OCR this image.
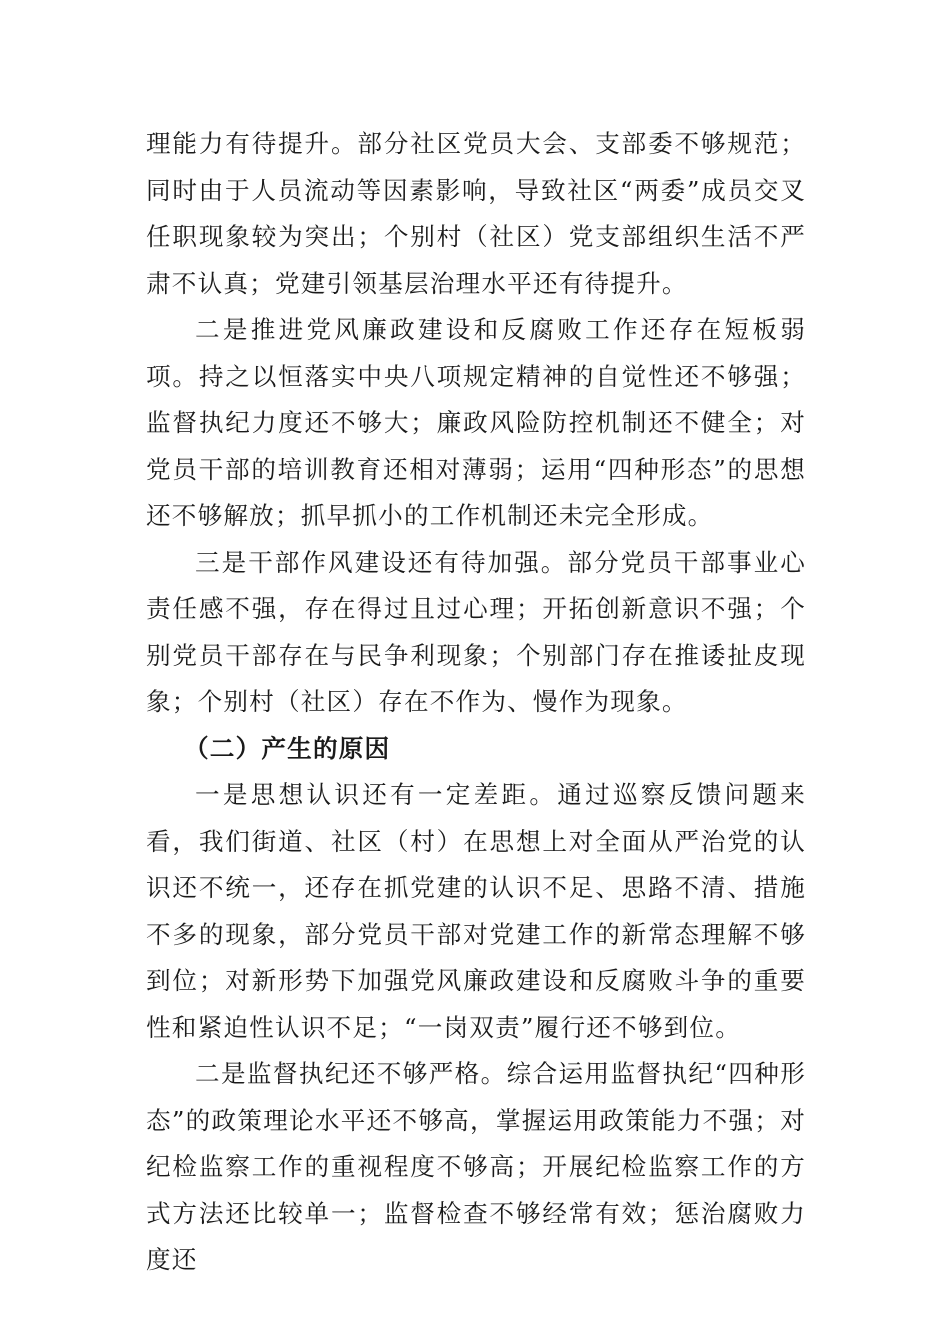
理能力有待提升。部分社区党员大会、支部委不够规范；同时由于人员流动等因素影响，导致社区“两委”成员交叉任职现象较为突出；个别村（社区）党支部组织生活不严肃不认真；党建引领基层治理水平还有待提升。

二是推进党风廉政建设和反腐败工作还存在短板弱项。持之以恒落实中央八项规定精神的自觉性还不够强；监督执纪力度还不够大；廉政风险防控机制还不健全；对党员干部的培训教育还相对薄弱；运用“四种形态”的思想还不够解放；抓早抓小的工作机制还未完全形成。

三是干部作风建设还有待加强。部分党员干部事业心责任感不强，存在得过且过心理；开拓创新意识不强；个别党员干部存在与民争利现象；个别部门存在推诿扯皮现象；个别村（社区）存在不作为、慢作为现象。

（二）产生的原因

一是思想认识还有一定差距。通过巡察反馈问题来看，我们街道、社区（村）在思想上对全面从严治党的认识还不统一，还存在抓党建的认识不足、思路不清、措施不多的现象，部分党员干部对党建工作的新常态理解不够到位；对新形势下加强党风廉政建设和反腐败斗争的重要性和紧迫性认识不足；“一岗双责”履行还不够到位。

二是监督执纪还不够严格。综合运用监督执纪“四种形态”的政策理论水平还不够高，掌握运用政策能力不强；对纪检监察工作的重视程度不够高；开展纪检监察工作的方式方法还比较单一；监督检查不够经常有效；惩治腐败力度还
